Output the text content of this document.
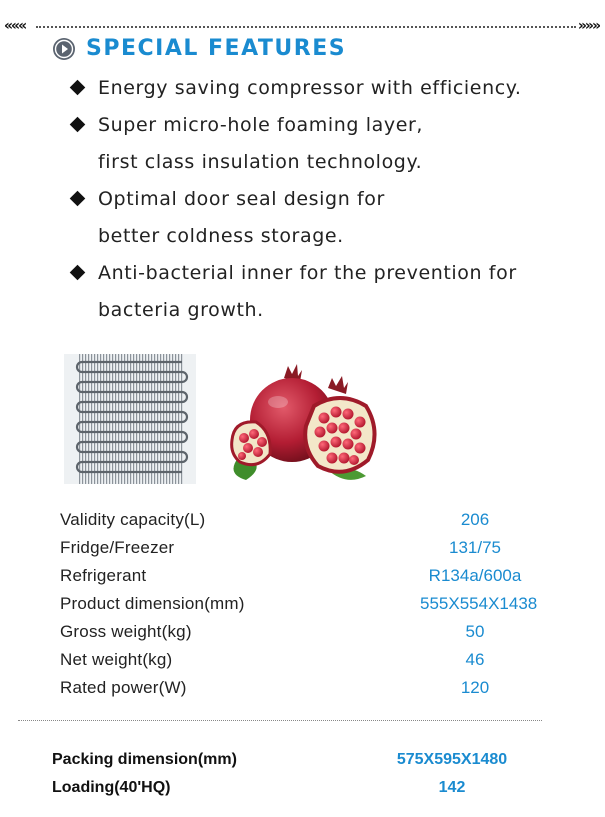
«««	»»»
SPECIAL FEATURES
Energy saving compressor with efficiency.
Super micro-hole foaming layer,
first class insulation technology.
Optimal door seal design for
better coldness storage.
Anti-bacterial inner for the prevention for
bacteria growth.
Validity capacity(L)	206
Fridge/Freezer	131/75
Refrigerant	R134a/600a
Product dimension(mm)	555X554X1438
Gross weight(kg)	50
Net weight(kg)	46
Rated power(W)	120
Packing dimension(mm)	575X595X1480
Loading(40'HQ)	142
